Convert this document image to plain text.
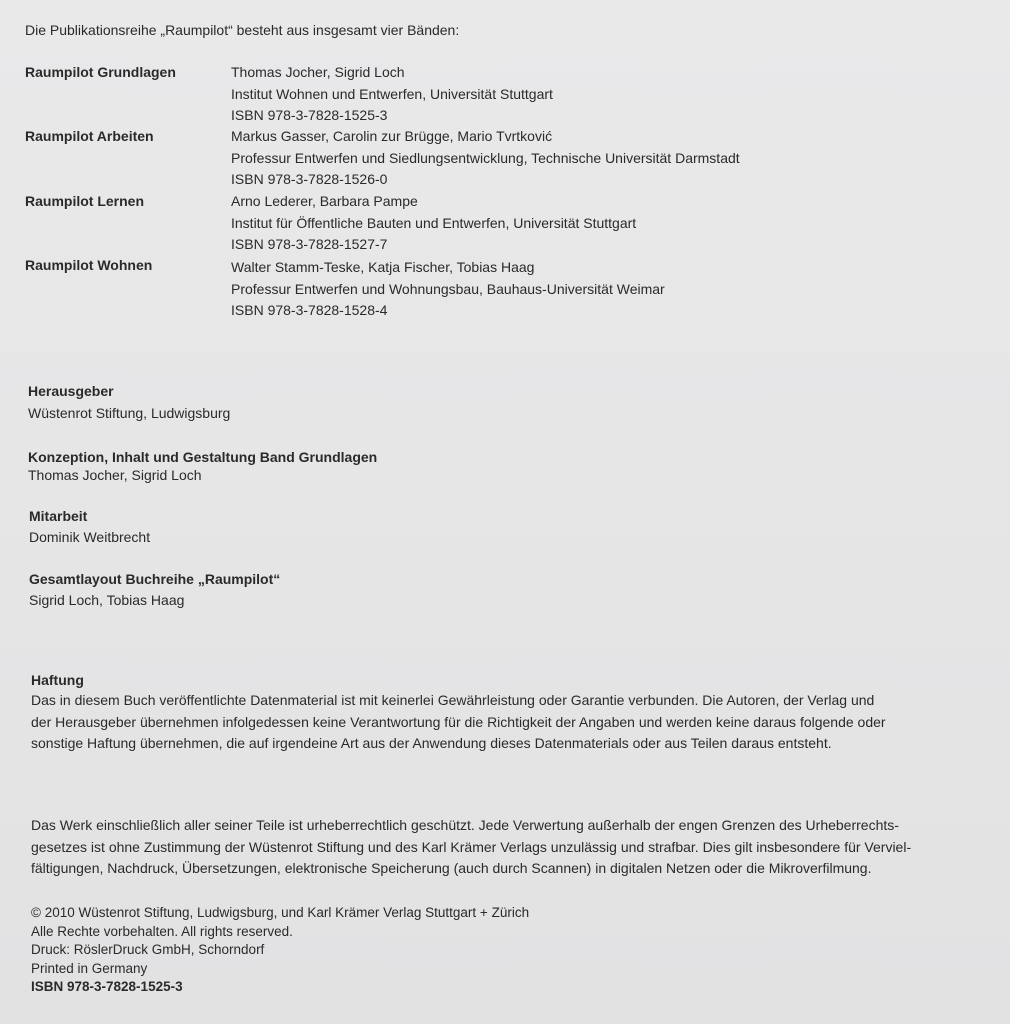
Die Publikationsreihe „Raumpilot“ besteht aus insgesamt vier Bänden:
Raumpilot Grundlagen	Thomas Jocher, Sigrid Loch
Institut Wohnen und Entwerfen, Universität Stuttgart
ISBN 978-3-7828-1525-3
Raumpilot Arbeiten	Markus Gasser, Carolin zur Brügge, Mario Tvrtković
Professur Entwerfen und Siedlungsentwicklung, Technische Universität Darmstadt
ISBN 978-3-7828-1526-0
Raumpilot Lernen	Arno Lederer, Barbara Pampe
Institut für Öffentliche Bauten und Entwerfen, Universität Stuttgart
ISBN 978-3-7828-1527-7
Raumpilot Wohnen	Walter Stamm-Teske, Katja Fischer, Tobias Haag
Professur Entwerfen und Wohnungsbau, Bauhaus-Universität Weimar
ISBN 978-3-7828-1528-4
Herausgeber
Wüstenrot Stiftung, Ludwigsburg
Konzeption, Inhalt und Gestaltung Band Grundlagen
Thomas Jocher, Sigrid Loch
Mitarbeit
Dominik Weitbrecht
Gesamtlayout Buchreihe „Raumpilot“
Sigrid Loch, Tobias Haag
Haftung
Das in diesem Buch veröffentlichte Datenmaterial ist mit keinerlei Gewährleistung oder Garantie verbunden. Die Autoren, der Verlag und
der Herausgeber übernehmen infolgedessen keine Verantwortung für die Richtigkeit der Angaben und werden keine daraus folgende oder
sonstige Haftung übernehmen, die auf irgendeine Art aus der Anwendung dieses Datenmaterials oder aus Teilen daraus entsteht.
Das Werk einschließlich aller seiner Teile ist urheberrechtlich geschützt. Jede Verwertung außerhalb der engen Grenzen des Urheberrechts-
gesetzes ist ohne Zustimmung der Wüstenrot Stiftung und des Karl Krämer Verlags unzulässig und strafbar. Dies gilt insbesondere für Verviel-
fältigungen, Nachdruck, Übersetzungen, elektronische Speicherung (auch durch Scannen) in digitalen Netzen oder die Mikroverfilmung.
© 2010 Wüstenrot Stiftung, Ludwigsburg, und Karl Krämer Verlag Stuttgart + Zürich
Alle Rechte vorbehalten. All rights reserved.
Druck: RöslerDruck GmbH, Schorndorf
Printed in Germany
ISBN 978-3-7828-1525-3
